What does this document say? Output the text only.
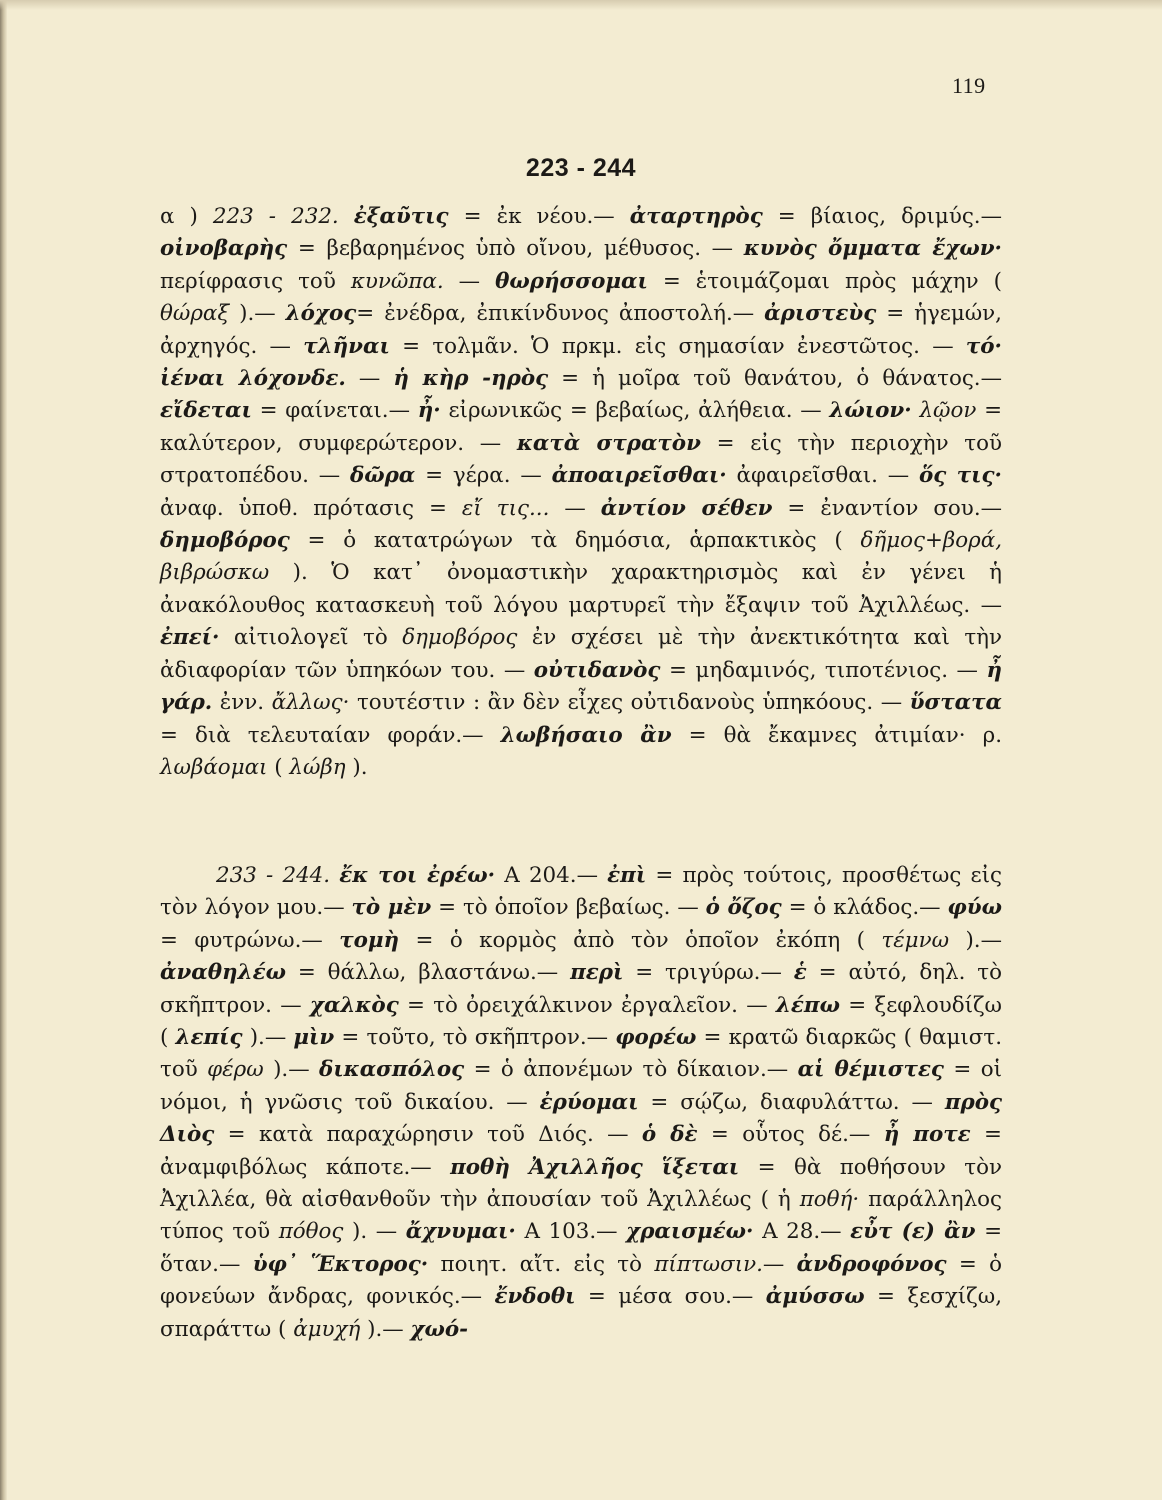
119
223 - 244

α ) 223 - 232. ἐξαῦτις = ἐκ νέου.— ἀταρτηρὸς = βίαιος, δριμύς.— οἰνοβαρὴς = βεβαρημένος ὑπὸ οἴνου, μέθυσος. — κυνὸς ὄμματα ἔχων· περίφρασις τοῦ κυνῶπα. — θωρήσσομαι = ἑτοιμάζομαι πρὸς μάχην ( θώραξ ).— λόχος= ἐνέδρα, ἐπικίνδυνος ἀποστολή.— ἀριστεὺς = ἡγεμών, ἀρχηγός. — τλῆναι = τολμᾶν. Ὁ πρκμ. εἰς σημασίαν ἐνεστῶτος. — τό· ἰέναι λόχονδε. — ἡ κὴρ -ηρὸς = ἡ μοῖρα τοῦ θανάτου, ὁ θάνατος.— εἴδεται = φαίνεται.— ἦ· εἰρωνικῶς = βεβαίως, ἀλήθεια. — λώιον· λῷον = καλύτερον, συμφερώτερον. — κατὰ στρατὸν = εἰς τὴν περιοχὴν τοῦ στρατοπέδου. — δῶρα = γέρα. — ἀποαιρεῖσθαι· ἀφαιρεῖσθαι. — ὅς τις· ἀναφ. ὑποθ. πρότασις = εἴ τις... — ἀντίον σέθεν = ἐναντίον σου.— δημοβόρος = ὁ κατατρώγων τὰ δημόσια, ἁρπακτικὸς ( δῆμος+βορά, βιβρώσκω ). Ὁ κατ᾽ ὀνομαστικὴν χαρακτηρισμὸς καὶ ἐν γένει ἡ ἀνακόλουθος κατασκευὴ τοῦ λόγου μαρτυρεῖ τὴν ἔξαψιν τοῦ Ἀχιλλέως. — ἐπεί· αἰτιολογεῖ τὸ δημοβόρος ἐν σχέσει μὲ τὴν ἀνεκτικότητα καὶ τὴν ἀδιαφορίαν τῶν ὑπηκόων του. — οὐτιδανὸς = μηδαμινός, τιποτένιος. — ἦ γάρ. ἐνν. ἄλλως· τουτέστιν : ἂν δὲν εἶχες οὐτιδανοὺς ὑπηκόους. — ὕστατα = διὰ τελευταίαν φοράν.— λωβήσαιο ἂν = θὰ ἔκαμνες ἀτιμίαν· ρ. λωβάομαι ( λώβη ).

233 - 244. ἔκ τοι ἐρέω· Α 204.— ἐπὶ = πρὸς τούτοις, προσθέτως εἰς τὸν λόγον μου.— τὸ μὲν = τὸ ὁποῖον βεβαίως. — ὁ ὄζος = ὁ κλάδος.— φύω = φυτρώνω.— τομὴ = ὁ κορμὸς ἀπὸ τὸν ὁποῖον ἐκόπη ( τέμνω ).— ἀναθηλέω = θάλλω, βλαστάνω.— περὶ = τριγύρω.— ἑ = αὐτό, δηλ. τὸ σκῆπτρον. — χαλκὸς = τὸ ὀρειχάλκινον ἐργαλεῖον. — λέπω = ξεφλουδίζω ( λεπίς ).— μὶν = τοῦτο, τὸ σκῆπτρον.— φορέω = κρατῶ διαρκῶς ( θαμιστ. τοῦ φέρω ).— δικασπόλος = ὁ ἀπονέμων τὸ δίκαιον.— αἱ θέμιστες = οἱ νόμοι, ἡ γνῶσις τοῦ δικαίου. — ἐρύομαι = σῴζω, διαφυλάττω. — πρὸς Διὸς = κατὰ παραχώρησιν τοῦ Διός. — ὁ δὲ = οὗτος δέ.— ἦ ποτε = ἀναμφιβόλως κάποτε.— ποθὴ Ἀχιλλῆος ἵξεται = θὰ ποθήσουν τὸν Ἀχιλλέα, θὰ αἰσθανθοῦν τὴν ἀπουσίαν τοῦ Ἀχιλλέως ( ἡ ποθή· παράλληλος τύπος τοῦ πόθος ). — ἄχνυμαι· Α 103.— χραισμέω· Α 28.— εὖτ (ε) ἂν = ὅταν.— ὑφ᾽ Ἕκτορος· ποιητ. αἴτ. εἰς τὸ πίπτωσιν.— ἀνδροφόνος = ὁ φονεύων ἄνδρας, φονικός.— ἔνδοθι = μέσα σου.— ἀμύσσω = ξεσχίζω, σπαράττω ( ἀμυχή ).— χωό-
